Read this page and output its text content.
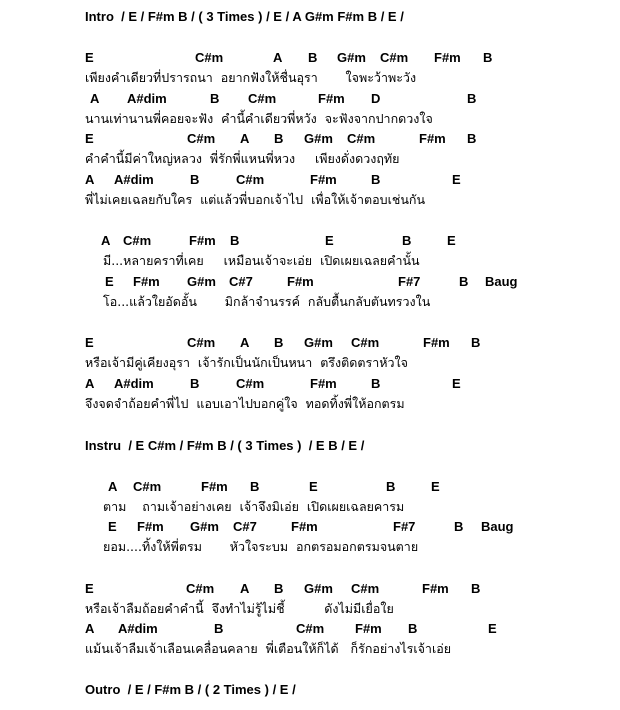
Intro  / E / F#m B / ( 3 Times ) / E / A G#m F#m B / E /
Instru  / E C#m / F#m B / ( 3 Times )  / E B / E /
Outro  / E / F#m B / ( 2 Times ) / E /
E	C#m	A B G#m C#m F#m B
เพียงคำเดียวที่ปรารถนา  อยากฟังให้ชื่นอุรา       ใจพะว้าพะวัง
A A#dim	B C#m	F#m D	B
นานเท่านานพี่คอยจะฟัง  คำนี้คำเดียวพี่หวัง  จะฟังจากปากดวงใจ
E	C#m A B G#m C#m	F#m B
คำคำนี้มีค่าใหญ่หลวง  พี่รักพี่แหนพี่หวง     เพียงดั่งดวงฤทัย
A A#dim	B	C#m	F#m	B	E
พี่ไม่เคยเฉลยกับใคร  แต่แล้วพี่บอกเจ้าไป  เพื่อให้เจ้าตอบเช่นกัน
A C#m	F#m B	E	B	E
มี...หลายคราที่เคย     เหมือนเจ้าจะเอ่ย  เปิดเผยเฉลยคำนั้น
E F#m G#m C#7	F#m	F#7	B Baug
โอ...แล้วใยอัดอั้น       มิกล้าจำนรรค์  กลับตื้นกลับตันทรวงใน
E	C#m A B G#m C#m	F#m B
หรือเจ้ามีคู่เคียงอุรา  เจ้ารักเป็นนักเป็นหนา  ตรึงติดตราหัวใจ
A A#dim	B	C#m	F#m	B	E
จึงจดจำถ้อยคำพี่ไป  แอบเอาไปบอกคู่ใจ  ทอดทิ้งพี่ให้อกตรม
A C#m	F#m B	E	B	E
ตาม    ถามเจ้าอย่างเคย  เจ้าจึงมิเอ่ย  เปิดเผยเฉลยคารม
E F#m G#m C#7	F#m	F#7	B Baug
ยอม....ทิ้งให้พี่ตรม       หัวใจระบม  อกตรอมอกตรมจนตาย
E	C#m A B G#m C#m	F#m B
หรือเจ้าลืมถ้อยคำคำนี้  จึงทำไม่รู้ไม่ชี้          ดังไม่มีเยื่อใย
A A#dim	B	C#m F#m B	E
แม้นเจ้าลืมเจ้าเลือนเคลื่อนคลาย  พี่เตือนให้ก็ได้   ก็รักอย่างไรเจ้าเอ่ย
